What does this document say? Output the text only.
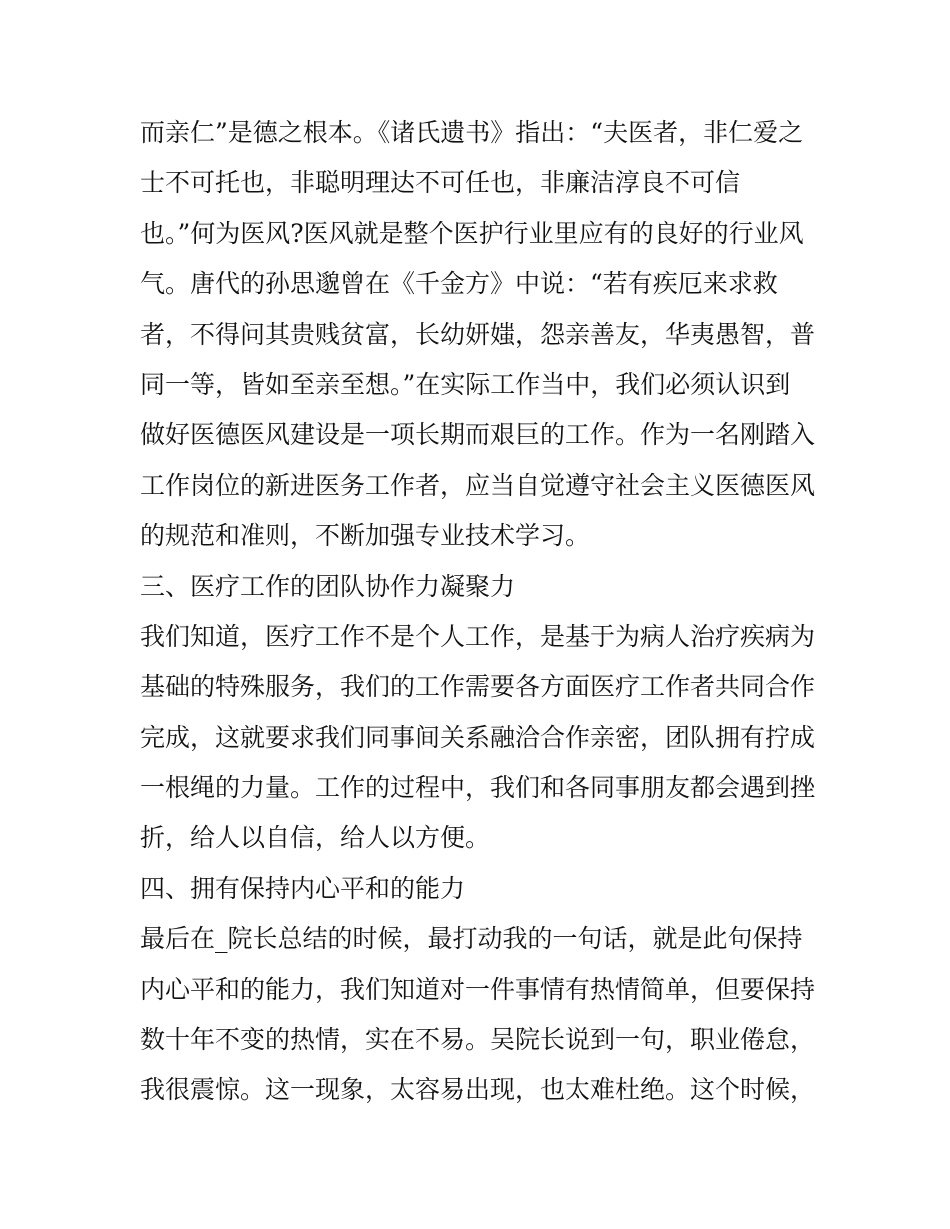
而亲仁”是德之根本。《诸氏遗书》指出：“夫医者，非仁爱之
士不可托也，非聪明理达不可任也，非廉洁淳良不可信
也。”何为医风?医风就是整个医护行业里应有的良好的行业风
气。唐代的孙思邈曾在《千金方》中说：“若有疾厄来求救
者，不得问其贵贱贫富，长幼妍媸，怨亲善友，华夷愚智，普
同一等，皆如至亲至想。”在实际工作当中，我们必须认识到
做好医德医风建设是一项长期而艰巨的工作。作为一名刚踏入
工作岗位的新进医务工作者，应当自觉遵守社会主义医德医风
的规范和准则，不断加强专业技术学习。
三、医疗工作的团队协作力凝聚力
我们知道，医疗工作不是个人工作，是基于为病人治疗疾病为
基础的特殊服务，我们的工作需要各方面医疗工作者共同合作
完成，这就要求我们同事间关系融洽合作亲密，团队拥有拧成
一根绳的力量。工作的过程中，我们和各同事朋友都会遇到挫
折，给人以自信，给人以方便。
四、拥有保持内心平和的能力
最后在_院长总结的时候，最打动我的一句话，就是此句保持
内心平和的能力，我们知道对一件事情有热情简单，但要保持
数十年不变的热情，实在不易。吴院长说到一句，职业倦怠，
我很震惊。这一现象，太容易出现，也太难杜绝。这个时候，
